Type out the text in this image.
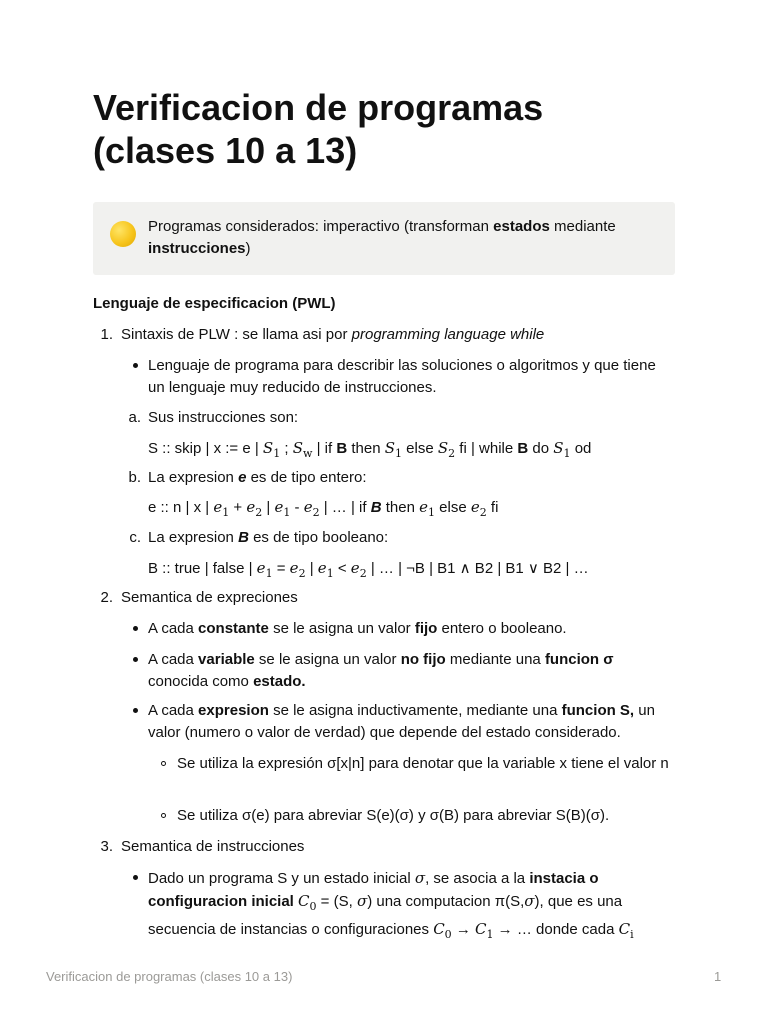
Verificacion de programas (clases 10 a 13)
Programas considerados: imperactivo (transforman estados mediante
instrucciones)
Lenguaje de especificacion (PWL)
1. Sintaxis de PLW : se llama asi por programming language while
Lenguaje de programa para describir las soluciones o algoritmos y que tiene un lenguaje muy reducido de instrucciones.
a. Sus instrucciones son:
S :: skip | x := e | $S_1$ ; $S_w$ | if B then $S_1$ else $S_2$ fi | while B do $S_1$ od
b. La expresion e es de tipo entero:
e :: n | x | $e_1 + e_2$ | $e_1 - e_2$ | … | if B then $e_1$ else $e_2$ fi
c. La expresion B es de tipo booleano:
B :: true | false | $e_1 = e_2$ | $e_1 < e_2$ | … | ¬B | B1 ∧ B2 | B1 ∨ B2 | …
2. Semantica de expreciones
A cada constante se le asigna un valor fijo entero o booleano.
A cada variable se le asigna un valor no fijo mediante una funcion σ
conocida como estado.
A cada expresion se le asigna inductivamente, mediante una funcion S, un
valor (numero o valor de verdad) que depende del estado considerado.
Se utiliza la expresión σ[x|n] para denotar que la variable x tiene el valor n
Se utiliza σ(e) para abreviar S(e)(σ) y σ(B) para abreviar S(B)(σ).
3. Semantica de instrucciones
Dado un programa S y un estado inicial σ, se asocia a la instacia o
configuracion inicial $C_0 = (S$, σ) una computacion π(S,σ), que es una
secuencia de instancias o configuraciones $C_0 \to C_1$ → … donde cada $C_i$
Verificacion de programas (clases 10 a 13)	1
